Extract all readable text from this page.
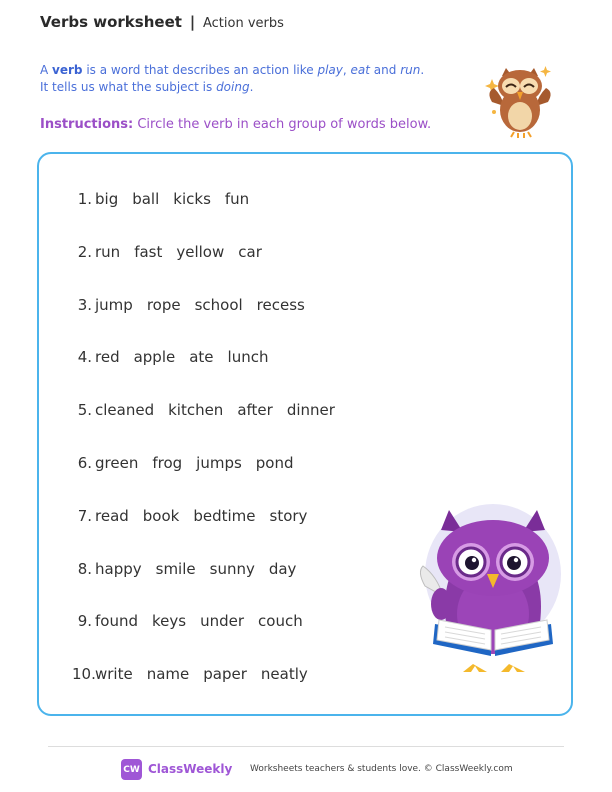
Verbs worksheet | Action verbs
A verb is a word that describes an action like play, eat and run.
It tells us what the subject is doing.
Instructions: Circle the verb in each group of words below.
1. big ball kicks fun
2. run fast yellow car
3. jump rope school recess
4. red apple ate lunch
5. cleaned kitchen after dinner
6. green frog jumps pond
7. read book bedtime story
8. happy smile sunny day
9. found keys under couch
10.write name paper neatly
CW ClassWeekly Worksheets teachers & students love. © ClassWeekly.com
